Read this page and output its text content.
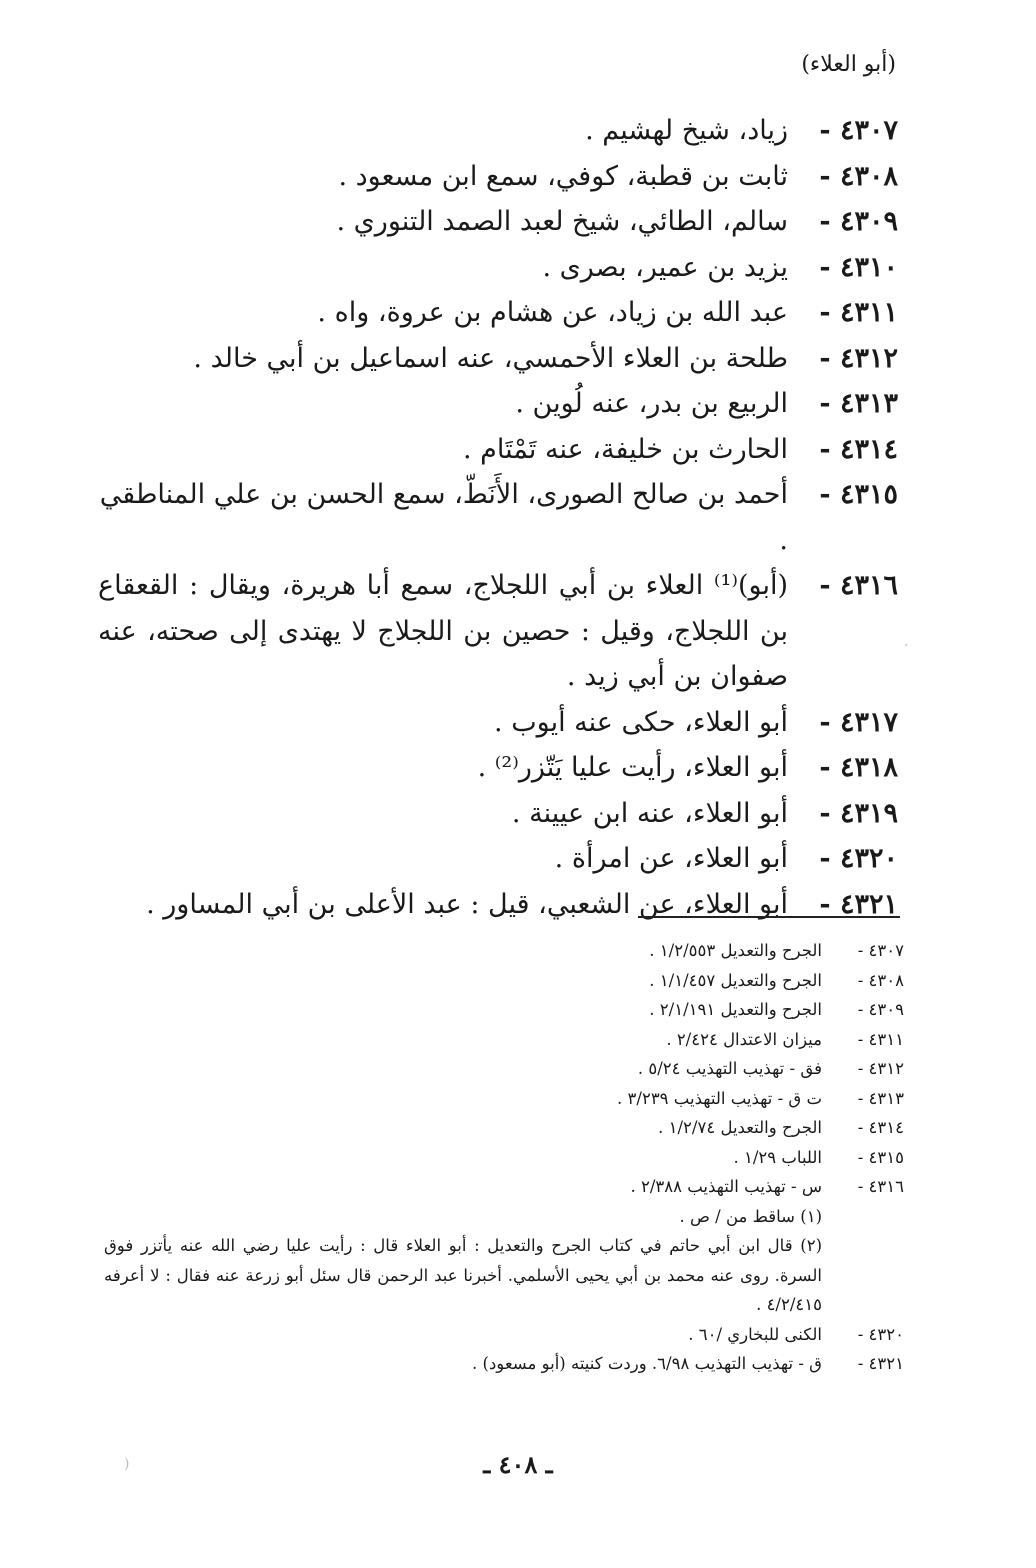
(أبو العلاء)
٤٣٠٧ -
زياد، شيخ لهشيم .
٤٣٠٨ -
ثابت بن قطبة، كوفي، سمع ابن مسعود .
٤٣٠٩ -
سالم، الطائي، شيخ لعبد الصمد التنوري .
٤٣١٠ -
يزيد بن عمير، بصرى .
٤٣١١ -
عبد الله بن زياد، عن هشام بن عروة، واه .
٤٣١٢ -
طلحة بن العلاء الأحمسي، عنه اسماعيل بن أبي خالد .
٤٣١٣ -
الربيع بن بدر، عنه لُوين .
٤٣١٤ -
الحارث بن خليفة، عنه تَمْتَام .
٤٣١٥ -
أحمد بن صالح الصورى، الأَنَطّ، سمع الحسن بن علي المناطقي .
٤٣١٦ -
(أبو)⁽¹⁾ العلاء بن أبي اللجلاج، سمع أبا هريرة، ويقال : القعقاع بن اللجلاج، وقيل : حصين بن اللجلاج لا يهتدى إلى صحته، عنه صفوان بن أبي زيد .
٤٣١٧ -
أبو العلاء، حكى عنه أيوب .
٤٣١٨ -
أبو العلاء، رأيت عليا يَتّزر⁽²⁾ .
٤٣١٩ -
أبو العلاء، عنه ابن عيينة .
٤٣٢٠ -
أبو العلاء، عن امرأة .
٤٣٢١ -
أبو العلاء، عن الشعبي، قيل : عبد الأعلى بن أبي المساور .
٤٣٠٧ -
الجرح والتعديل ١/٢/٥٥٣ .
٤٣٠٨ -
الجرح والتعديل ١/١/٤٥٧ .
٤٣٠٩ -
الجرح والتعديل ٢/١/١٩١ .
٤٣١١ -
ميزان الاعتدال ٢/٤٢٤ .
٤٣١٢ -
فق - تهذيب التهذيب ٥/٢٤ .
٤٣١٣ -
ت ق - تهذيب التهذيب ٣/٢٣٩ .
٤٣١٤ -
الجرح والتعديل ١/٢/٧٤ .
٤٣١٥ -
اللباب ١/٢٩ .
٤٣١٦ -
س - تهذيب التهذيب ٢/٣٨٨ .
(١) ساقط من / ص .
(٢) قال ابن أبي حاتم في كتاب الجرح والتعديل : أبو العلاء قال : رأيت عليا رضي الله عنه يأتزر فوق السرة. روى عنه محمد بن أبي يحيى الأسلمي. أخبرنا عبد الرحمن قال سئل أبو زرعة عنه فقال : لا أعرفه ٤/٢/٤١٥ .
٤٣٢٠ -
الكنى للبخاري /٦٠ .
٤٣٢١ -
ق - تهذيب التهذيب ٦/٩٨. وردت كنيته (أبو مسعود) .
ـ ٤٠٨ ـ
)
·
